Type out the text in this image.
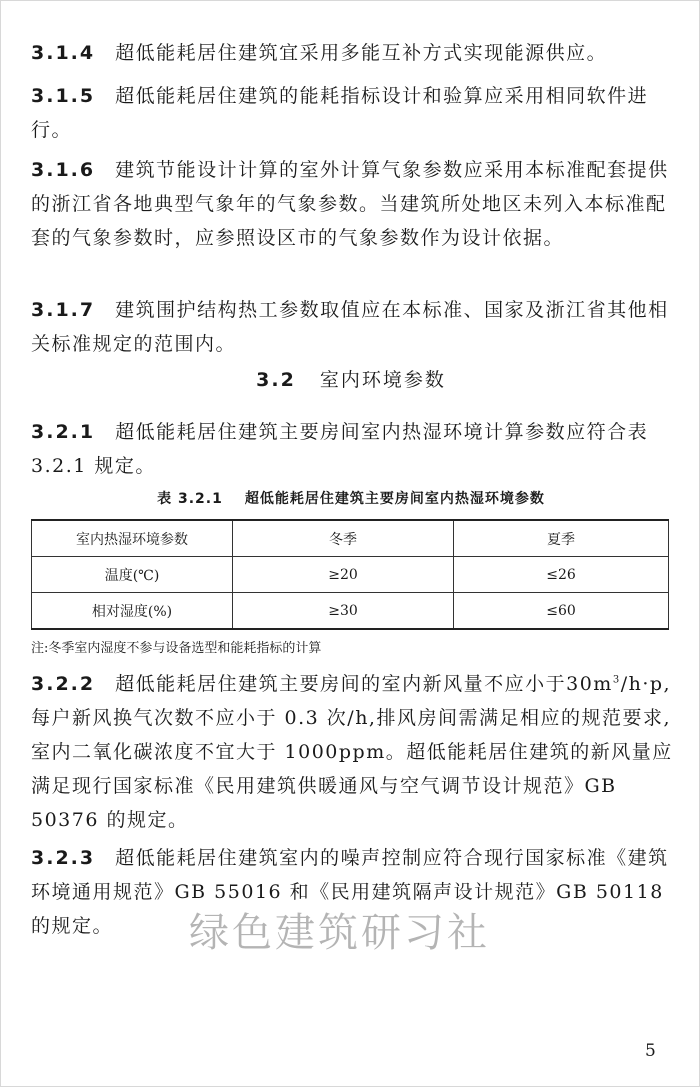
3.1.4 超低能耗居住建筑宜采用多能互补方式实现能源供应。

3.1.5 超低能耗居住建筑的能耗指标设计和验算应采用相同软件进行。

3.1.6 建筑节能设计计算的室外计算气象参数应采用本标准配套提供的浙江省各地典型气象年的气象参数。当建筑所处地区未列入本标准配套的气象参数时，应参照设区市的气象参数作为设计依据。

3.1.7 建筑围护结构热工参数取值应在本标准、国家及浙江省其他相关标准规定的范围内。

3.2 室内环境参数

3.2.1 超低能耗居住建筑主要房间室内热湿环境计算参数应符合表 3.2.1 规定。

表 3.2.1 超低能耗居住建筑主要房间室内热湿环境参数
室内热湿环境参数	冬季	夏季
温度(℃)	≥20	≤26
相对湿度(%)	≥30	≤60
注:冬季室内湿度不参与设备选型和能耗指标的计算

3.2.2 超低能耗居住建筑主要房间的室内新风量不应小于$30m^3/h\cdot p$,每户新风换气次数不应小于 0.3 次/h,排风房间需满足相应的规范要求,室内二氧化碳浓度不宜大于 1000ppm。超低能耗居住建筑的新风量应满足现行国家标准《民用建筑供暖通风与空气调节设计规范》GB 50376 的规定。

3.2.3 超低能耗居住建筑室内的噪声控制应符合现行国家标准《建筑环境通用规范》GB 55016 和《民用建筑隔声设计规范》GB 50118 的规定。	绿色建筑研习社
5
